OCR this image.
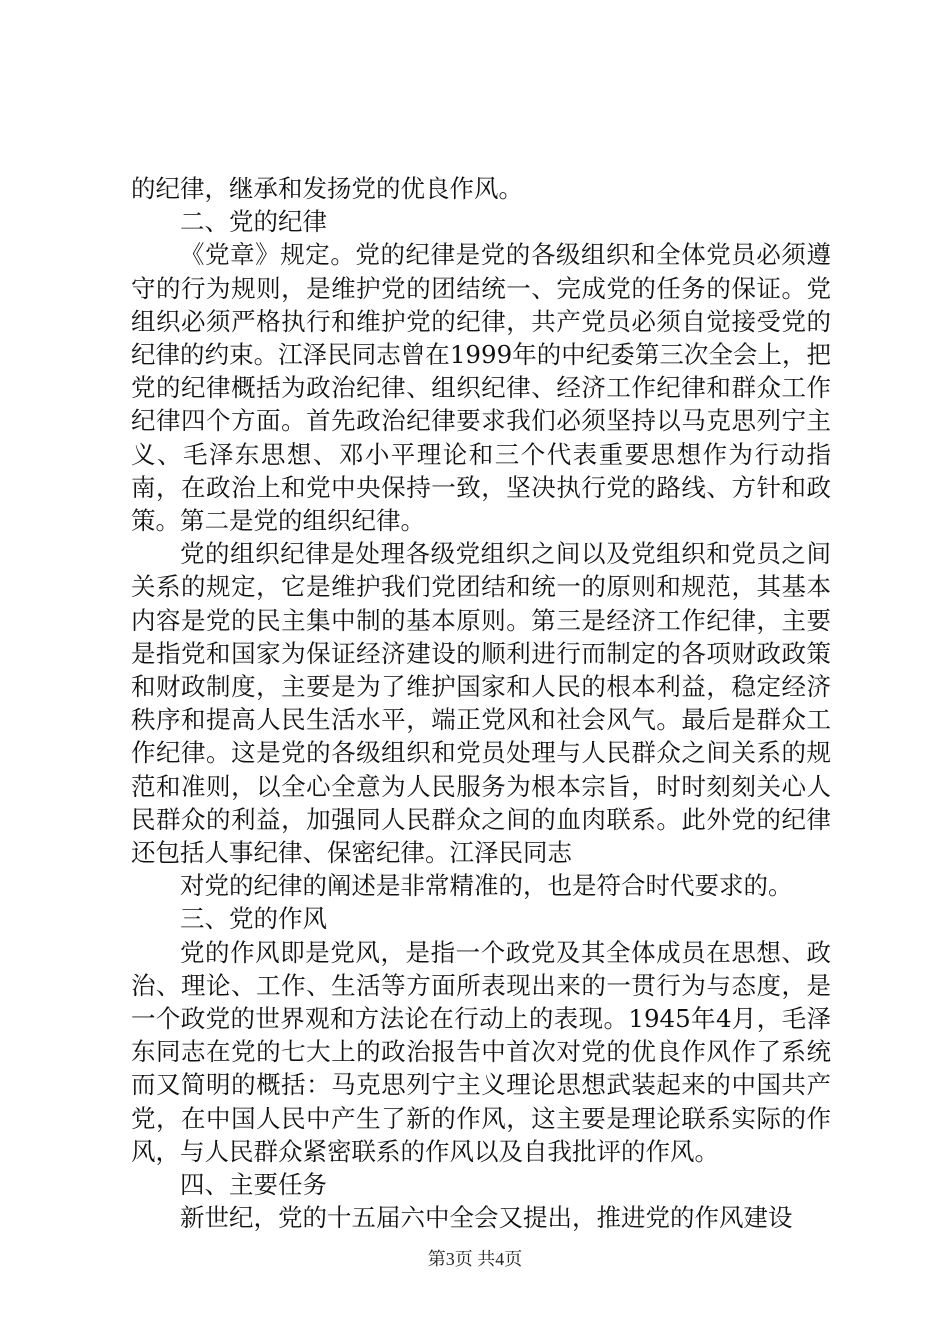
的纪律，继承和发扬党的优良作风。

二、党的纪律

《党章》规定。党的纪律是党的各级组织和全体党员必须遵守的行为规则，是维护党的团结统一、完成党的任务的保证。党组织必须严格执行和维护党的纪律，共产党员必须自觉接受党的纪律的约束。江泽民同志曾在1999年的中纪委第三次全会上，把党的纪律概括为政治纪律、组织纪律、经济工作纪律和群众工作纪律四个方面。首先政治纪律要求我们必须坚持以马克思列宁主义、毛泽东思想、邓小平理论和三个代表重要思想作为行动指南，在政治上和党中央保持一致，坚决执行党的路线、方针和政策。第二是党的组织纪律。

党的组织纪律是处理各级党组织之间以及党组织和党员之间关系的规定，它是维护我们党团结和统一的原则和规范，其基本内容是党的民主集中制的基本原则。第三是经济工作纪律，主要是指党和国家为保证经济建设的顺利进行而制定的各项财政政策和财政制度，主要是为了维护国家和人民的根本利益，稳定经济秩序和提高人民生活水平，端正党风和社会风气。最后是群众工作纪律。这是党的各级组织和党员处理与人民群众之间关系的规范和准则，以全心全意为人民服务为根本宗旨，时时刻刻关心人民群众的利益，加强同人民群众之间的血肉联系。此外党的纪律还包括人事纪律、保密纪律。江泽民同志

对党的纪律的阐述是非常精准的，也是符合时代要求的。

三、党的作风

党的作风即是党风，是指一个政党及其全体成员在思想、政治、理论、工作、生活等方面所表现出来的一贯行为与态度，是一个政党的世界观和方法论在行动上的表现。1945年4月，毛泽东同志在党的七大上的政治报告中首次对党的优良作风作了系统而又简明的概括：马克思列宁主义理论思想武装起来的中国共产党，在中国人民中产生了新的作风，这主要是理论联系实际的作风，与人民群众紧密联系的作风以及自我批评的作风。

四、主要任务

新世纪，党的十五届六中全会又提出，推进党的作风建设

第3页 共4页
